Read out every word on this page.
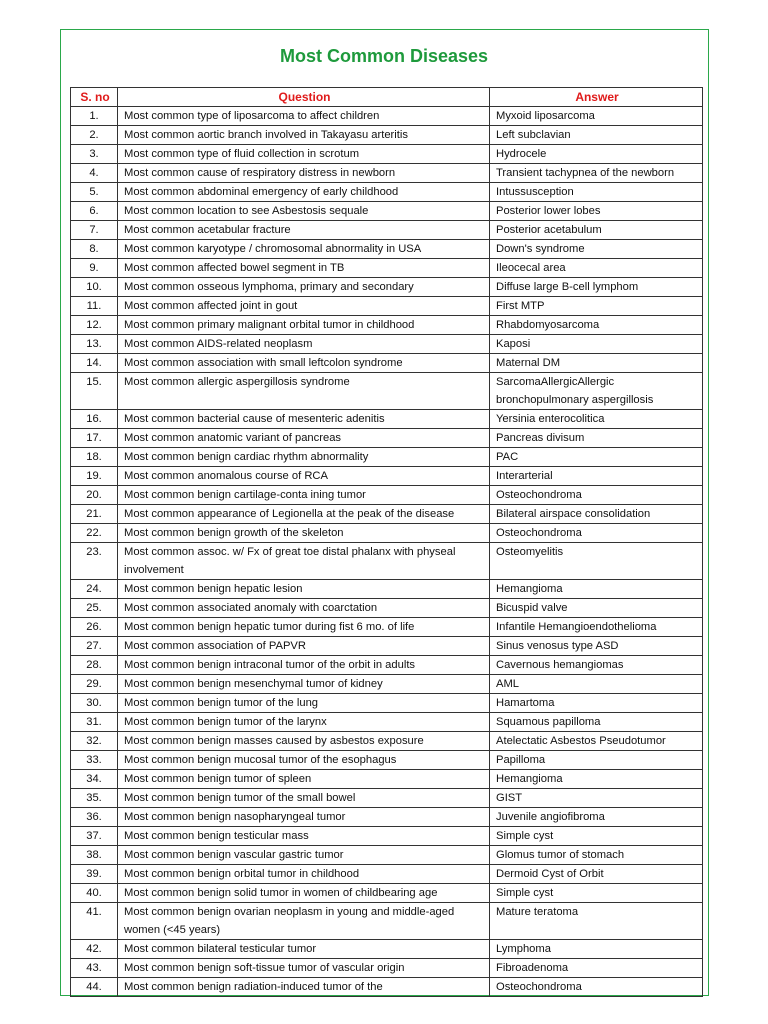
Most Common Diseases
S. no	Question	Answer
1.	Most common type of liposarcoma to affect children	Myxoid liposarcoma
2.	Most common aortic branch involved in Takayasu arteritis	Left subclavian
3.	Most common type of fluid collection in scrotum	Hydrocele
4.	Most common cause of respiratory distress in newborn	Transient tachypnea of the newborn
5.	Most common abdominal emergency of early childhood	Intussusception
6.	Most common location to see Asbestosis sequale	Posterior lower lobes
7.	Most common acetabular fracture	Posterior acetabulum
8.	Most common karyotype / chromosomal abnormality in USA	Down's syndrome
9.	Most common affected bowel segment in TB	Ileocecal area
10.	Most common osseous lymphoma, primary and secondary	Diffuse large B-cell lymphom
11.	Most common affected joint in gout	First MTP
12.	Most common primary malignant orbital tumor in childhood	Rhabdomyosarcoma
13.	Most common AIDS-related neoplasm	Kaposi
14.	Most common association with small leftcolon syndrome	Maternal DM
15.	Most common allergic aspergillosis syndrome	SarcomaAllergicAllergic bronchopulmonary aspergillosis
16.	Most common bacterial cause of mesenteric adenitis	Yersinia enterocolitica
17.	Most common anatomic variant of pancreas	Pancreas divisum
18.	Most common benign cardiac rhythm abnormality	PAC
19.	Most common anomalous course of RCA	Interarterial
20.	Most common benign cartilage-conta ining tumor	Osteochondroma
21.	Most common appearance of Legionella at the peak of the disease	Bilateral airspace consolidation
22.	Most common benign growth of the skeleton	Osteochondroma
23.	Most common assoc. w/ Fx of great toe distal phalanx with physeal involvement	Osteomyelitis
24.	Most common benign hepatic lesion	Hemangioma
25.	Most common associated anomaly with coarctation	Bicuspid valve
26.	Most common benign hepatic tumor during fist 6 mo. of life	Infantile Hemangioendothelioma
27.	Most common association of PAPVR	Sinus venosus type ASD
28.	Most common benign intraconal tumor of the orbit in adults	Cavernous hemangiomas
29.	Most common benign mesenchymal tumor of kidney	AML
30.	Most common benign tumor of the lung	Hamartoma
31.	Most common benign tumor of the larynx	Squamous papilloma
32.	Most common benign masses caused by asbestos exposure	Atelectatic Asbestos Pseudotumor
33.	Most common benign mucosal tumor of the esophagus	Papilloma
34.	Most common benign tumor of spleen	Hemangioma
35.	Most common benign tumor of the small bowel	GIST
36.	Most common benign nasopharyngeal tumor	Juvenile angiofibroma
37.	Most common benign testicular mass	Simple cyst
38.	Most common benign vascular gastric tumor	Glomus tumor of stomach
39.	Most common benign orbital tumor in childhood	Dermoid Cyst of Orbit
40.	Most common benign solid tumor in women of childbearing age	Simple cyst
41.	Most common benign ovarian neoplasm in young and middle-aged women (<45 years)	Mature teratoma
42.	Most common bilateral testicular tumor	Lymphoma
43.	Most common benign soft-tissue tumor of vascular origin	Fibroadenoma
44.	Most common benign radiation-induced tumor of the	Osteochondroma
